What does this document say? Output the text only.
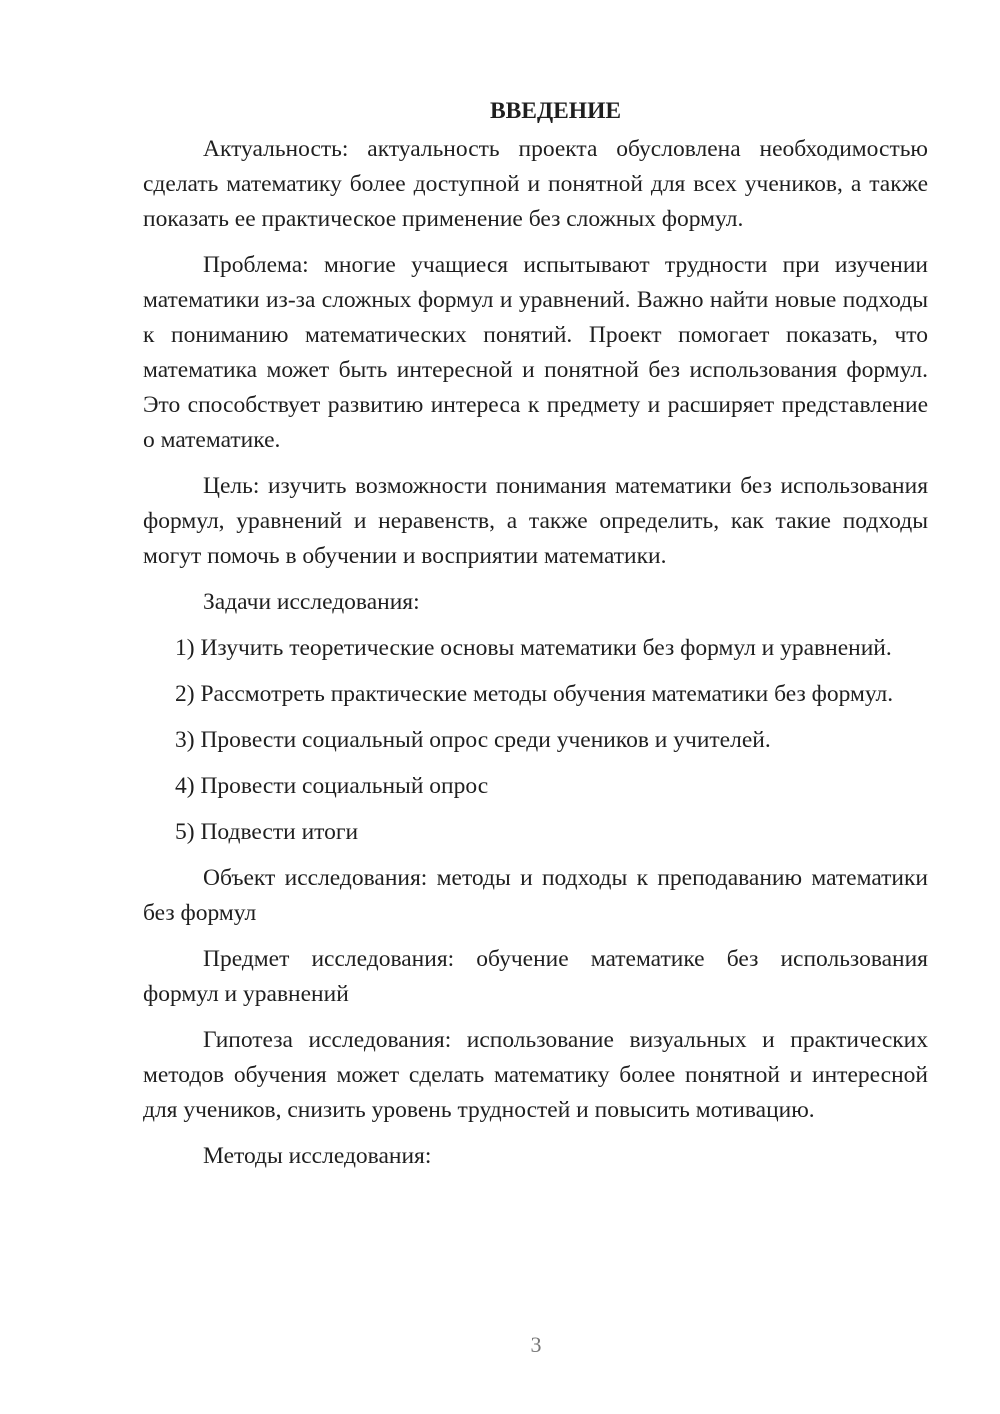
ВВЕДЕНИЕ

Актуальность: актуальность проекта обусловлена необходимостью сделать математику более доступной и понятной для всех учеников, а также показать ее практическое применение без сложных формул.

Проблема: многие учащиеся испытывают трудности при изучении математики из-за сложных формул и уравнений. Важно найти новые подходы к пониманию математических понятий. Проект помогает показать, что математика может быть интересной и понятной без использования формул. Это способствует развитию интереса к предмету и расширяет представление о математике.

Цель: изучить возможности понимания математики без использования формул, уравнений и неравенств, а также определить, как такие подходы могут помочь в обучении и восприятии математики.

Задачи исследования:

1) Изучить теоретические основы математики без формул и уравнений.

2) Рассмотреть практические методы обучения математики без формул.

3) Провести социальный опрос среди учеников и учителей.

4) Провести социальный опрос

5) Подвести итоги

Объект исследования: методы и подходы к преподаванию математики без формул

Предмет исследования: обучение математике без использования формул и уравнений

Гипотеза исследования: использование визуальных и практических методов обучения может сделать математику более понятной и интересной для учеников, снизить уровень трудностей и повысить мотивацию.

Методы исследования:

3
